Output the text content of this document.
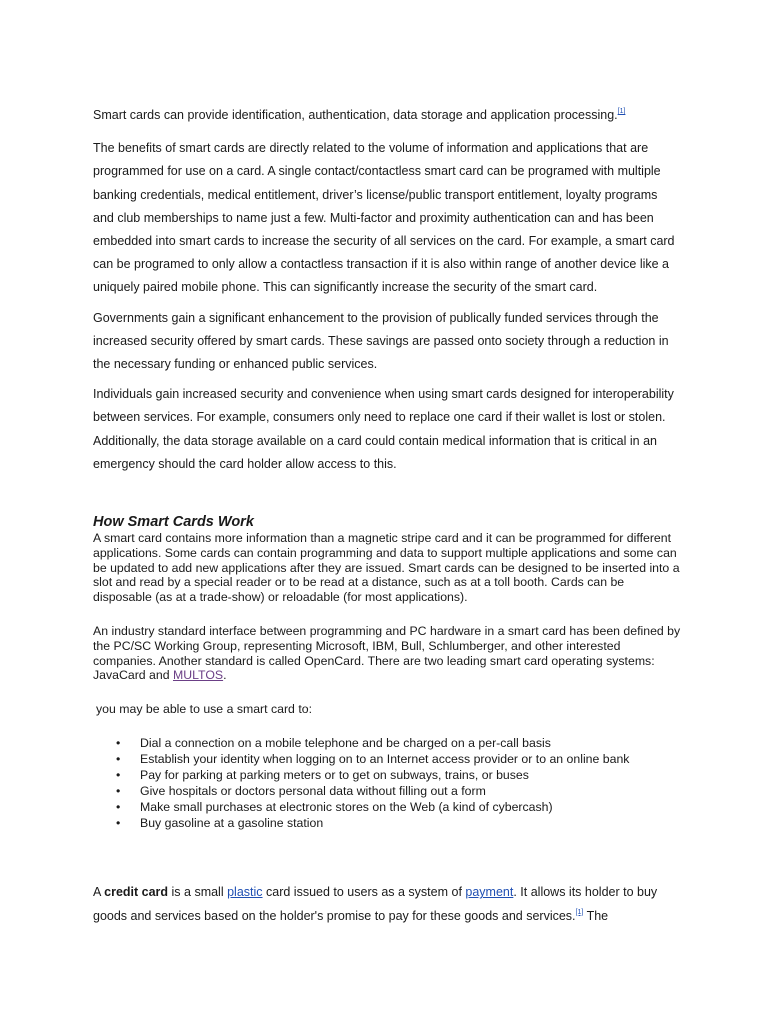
Smart cards can provide identification, authentication, data storage and application processing.[1]

The benefits of smart cards are directly related to the volume of information and applications that are programmed for use on a card. A single contact/contactless smart card can be programed with multiple banking credentials, medical entitlement, driver’s license/public transport entitlement, loyalty programs and club memberships to name just a few. Multi-factor and proximity authentication can and has been embedded into smart cards to increase the security of all services on the card. For example, a smart card can be programed to only allow a contactless transaction if it is also within range of another device like a uniquely paired mobile phone. This can significantly increase the security of the smart card.

Governments gain a significant enhancement to the provision of publically funded services through the increased security offered by smart cards. These savings are passed onto society through a reduction in the necessary funding or enhanced public services.

Individuals gain increased security and convenience when using smart cards designed for interoperability between services. For example, consumers only need to replace one card if their wallet is lost or stolen. Additionally, the data storage available on a card could contain medical information that is critical in an emergency should the card holder allow access to this.

How Smart Cards Work

A smart card contains more information than a magnetic stripe card and it can be programmed for different applications. Some cards can contain programming and data to support multiple applications and some can be updated to add new applications after they are issued. Smart cards can be designed to be inserted into a slot and read by a special reader or to be read at a distance, such as at a toll booth. Cards can be disposable (as at a trade-show) or reloadable (for most applications).

An industry standard interface between programming and PC hardware in a smart card has been defined by the PC/SC Working Group, representing Microsoft, IBM, Bull, Schlumberger, and other interested companies. Another standard is called OpenCard. There are two leading smart card operating systems: JavaCard and MULTOS.

you may be able to use a smart card to:

• Dial a connection on a mobile telephone and be charged on a per-call basis
• Establish your identity when logging on to an Internet access provider or to an online bank
• Pay for parking at parking meters or to get on subways, trains, or buses
• Give hospitals or doctors personal data without filling out a form
• Make small purchases at electronic stores on the Web (a kind of cybercash)
• Buy gasoline at a gasoline station

A credit card is a small plastic card issued to users as a system of payment. It allows its holder to buy goods and services based on the holder's promise to pay for these goods and services.[1] The
